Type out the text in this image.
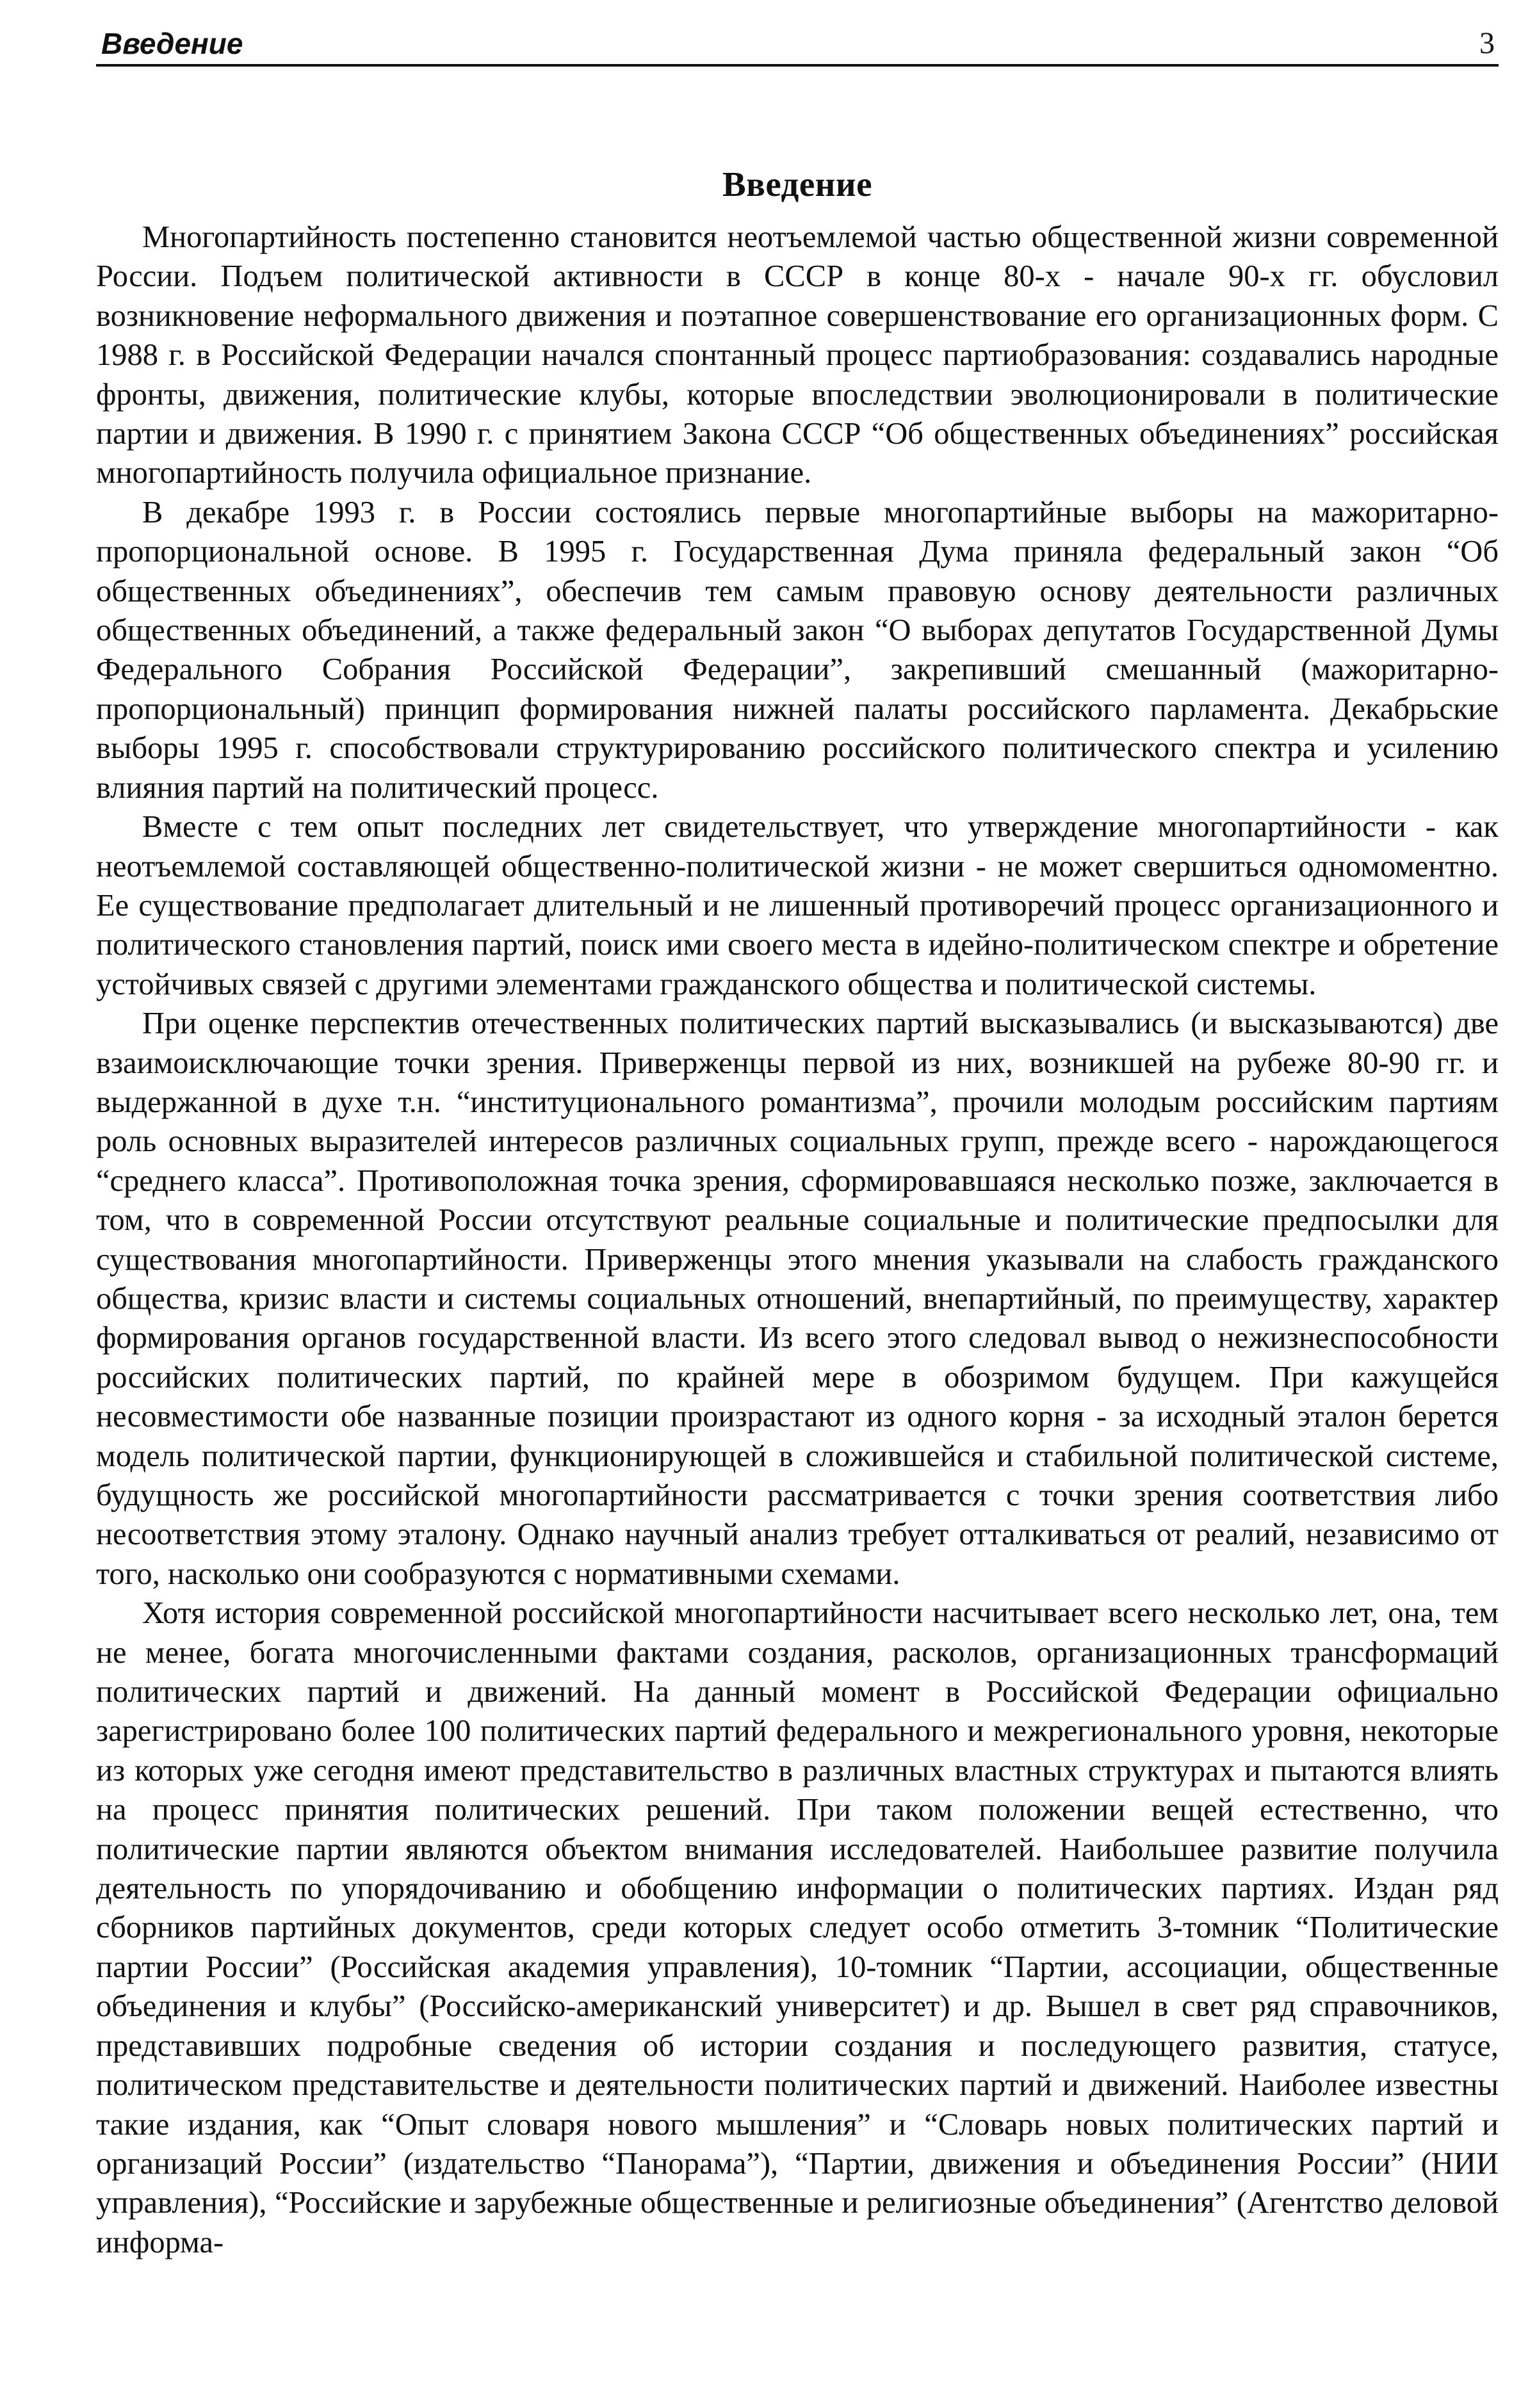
Введение	3
Введение

Многопартийность постепенно становится неотъемлемой частью общественной жизни современной России. Подъем политической активности в СССР в конце 80-х - начале 90-х гг. обусловил возникновение неформального движения и поэтапное совершенствование его организационных форм. С 1988 г. в Российской Федерации начался спонтанный процесс партиобразования: создавались народные фронты, движения, политические клубы, которые впоследствии эволюционировали в политические партии и движения. В 1990 г. с принятием Закона СССР “Об общественных объединениях” российская многопартийность получила официальное признание.

В декабре 1993 г. в России состоялись первые многопартийные выборы на мажоритарно-пропорциональной основе. В 1995 г. Государственная Дума приняла федеральный закон “Об общественных объединениях”, обеспечив тем самым правовую основу деятельности различных общественных объединений, а также федеральный закон “О выборах депутатов Государственной Думы Федерального Собрания Российской Федерации”, закрепивший смешанный (мажоритарно-пропорциональный) принцип формирования нижней палаты российского парламента. Декабрьские выборы 1995 г. способствовали структурированию российского политического спектра и усилению влияния партий на политический процесс.

Вместе с тем опыт последних лет свидетельствует, что утверждение многопартийности - как неотъемлемой составляющей общественно-политической жизни - не может свершиться одномоментно. Ее существование предполагает длительный и не лишенный противоречий процесс организационного и политического становления партий, поиск ими своего места в идейно-политическом спектре и обретение устойчивых связей с другими элементами гражданского общества и политической системы.

При оценке перспектив отечественных политических партий высказывались (и высказываются) две взаимоисключающие точки зрения. Приверженцы первой из них, возникшей на рубеже 80-90 гг. и выдержанной в духе т.н. “институционального романтизма”, прочили молодым российским партиям роль основных выразителей интересов различных социальных групп, прежде всего - нарождающегося “среднего класса”. Противоположная точка зрения, сформировавшаяся несколько позже, заключается в том, что в современной России отсутствуют реальные социальные и политические предпосылки для существования многопартийности. Приверженцы этого мнения указывали на слабость гражданского общества, кризис власти и системы социальных отношений, внепартийный, по преимуществу, характер формирования органов государственной власти. Из всего этого следовал вывод о нежизнеспособности российских политических партий, по крайней мере в обозримом будущем. При кажущейся несовместимости обе названные позиции произрастают из одного корня - за исходный эталон берется модель политической партии, функционирующей в сложившейся и стабильной политической системе, будущность же российской многопартийности рассматривается с точки зрения соответствия либо несоответствия этому эталону. Однако научный анализ требует отталкиваться от реалий, независимо от того, насколько они сообразуются с нормативными схемами.

Хотя история современной российской многопартийности насчитывает всего несколько лет, она, тем не менее, богата многочисленными фактами создания, расколов, организационных трансформаций политических партий и движений. На данный момент в Российской Федерации официально зарегистрировано более 100 политических партий федерального и межрегионального уровня, некоторые из которых уже сегодня имеют представительство в различных властных структурах и пытаются влиять на процесс принятия политических решений. При таком положении вещей естественно, что политические партии являются объектом внимания исследователей. Наибольшее развитие получила деятельность по упорядочиванию и обобщению информации о политических партиях. Издан ряд сборников партийных документов, среди которых следует особо отметить 3-томник “Политические партии России” (Российская академия управления), 10-томник “Партии, ассоциации, общественные объединения и клубы” (Российско-американский университет) и др. Вышел в свет ряд справочников, представивших подробные сведения об истории создания и последующего развития, статусе, политическом представительстве и деятельности политических партий и движений. Наиболее известны такие издания, как “Опыт словаря нового мышления” и “Словарь новых политических партий и организаций России” (издательство “Панорама”), “Партии, движения и объединения России” (НИИ управления), “Российские и зарубежные общественные и религиозные объединения” (Агентство деловой информа-
